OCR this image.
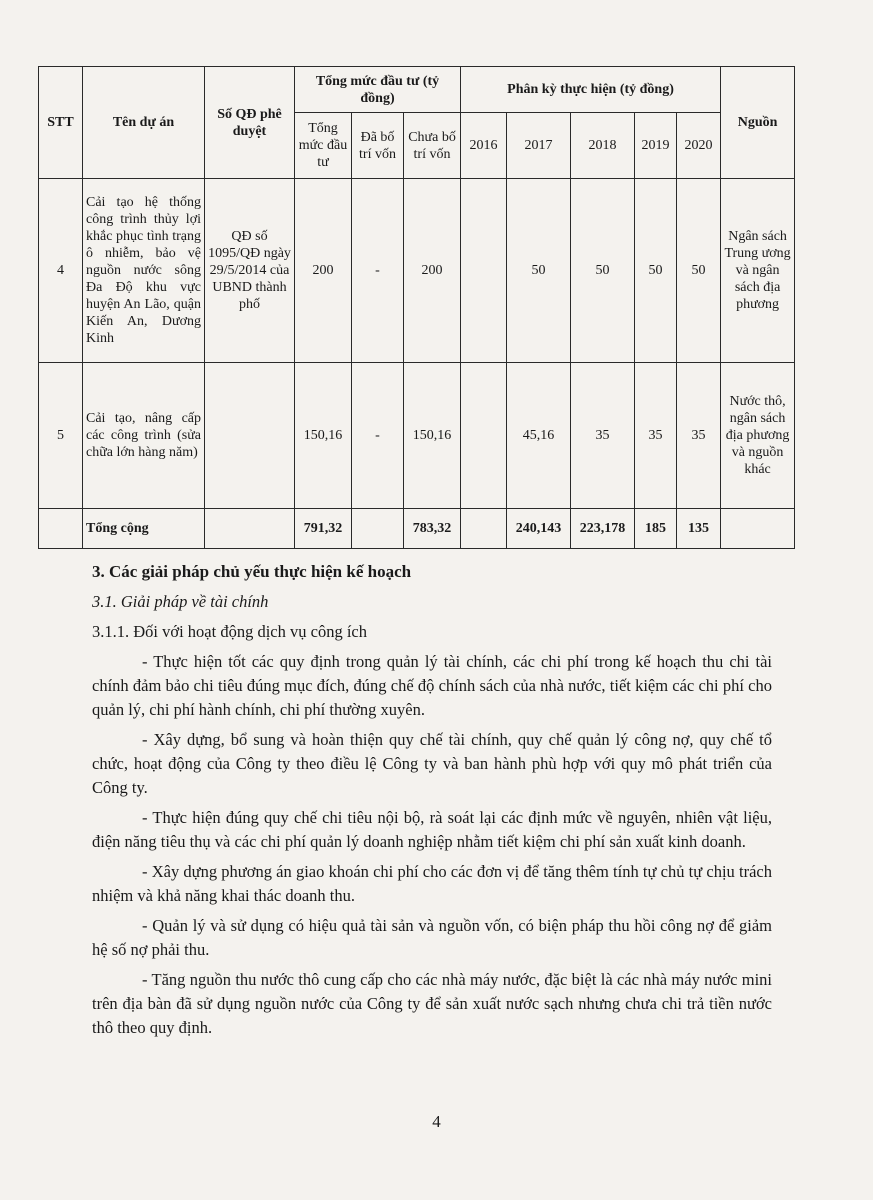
STT	Tên dự án	Số QĐ phê duyệt	Tổng mức đầu tư (tỷ đồng)			Phân kỳ thực hiện (tỷ đồng)					Nguồn
			Tổng mức đầu tư	Đã bố trí vốn	Chưa bố trí vốn	2016	2017	2018	2019	2020	
4	Cải tạo hệ thống công trình thủy lợi khắc phục tình trạng ô nhiễm, bảo vệ nguồn nước sông Đa Độ khu vực huyện An Lão, quận Kiến An, Dương Kinh	QĐ số 1095/QĐ ngày 29/5/2014 của UBND thành phố	200	-	200		50	50	50	50	Ngân sách Trung ương và ngân sách địa phương
5	Cải tạo, nâng cấp các công trình (sửa chữa lớn hàng năm)		150,16	-	150,16		45,16	35	35	35	Nước thô, ngân sách địa phương và nguồn khác
	Tổng cộng		791,32		783,32		240,143	223,178	185	135	
3. Các giải pháp chủ yếu thực hiện kế hoạch
3.1. Giải pháp về tài chính
3.1.1. Đối với hoạt động dịch vụ công ích

- Thực hiện tốt các quy định trong quản lý tài chính, các chi phí trong kế hoạch thu chi tài chính đảm bảo chi tiêu đúng mục đích, đúng chế độ chính sách của nhà nước, tiết kiệm các chi phí cho quản lý, chi phí hành chính, chi phí thường xuyên.

- Xây dựng, bổ sung và hoàn thiện quy chế tài chính, quy chế quản lý công nợ, quy chế tổ chức, hoạt động của Công ty theo điều lệ Công ty và ban hành phù hợp với quy mô phát triển của Công ty.

- Thực hiện đúng quy chế chi tiêu nội bộ, rà soát lại các định mức về nguyên, nhiên vật liệu, điện năng tiêu thụ và các chi phí quản lý doanh nghiệp nhằm tiết kiệm chi phí sản xuất kinh doanh.

- Xây dựng phương án giao khoán chi phí cho các đơn vị để tăng thêm tính tự chủ tự chịu trách nhiệm và khả năng khai thác doanh thu.

- Quản lý và sử dụng có hiệu quả tài sản và nguồn vốn, có biện pháp thu hồi công nợ để giảm hệ số nợ phải thu.

- Tăng nguồn thu nước thô cung cấp cho các nhà máy nước, đặc biệt là các nhà máy nước mini trên địa bàn đã sử dụng nguồn nước của Công ty để sản xuất nước sạch nhưng chưa chi trả tiền nước thô theo quy định.

4
